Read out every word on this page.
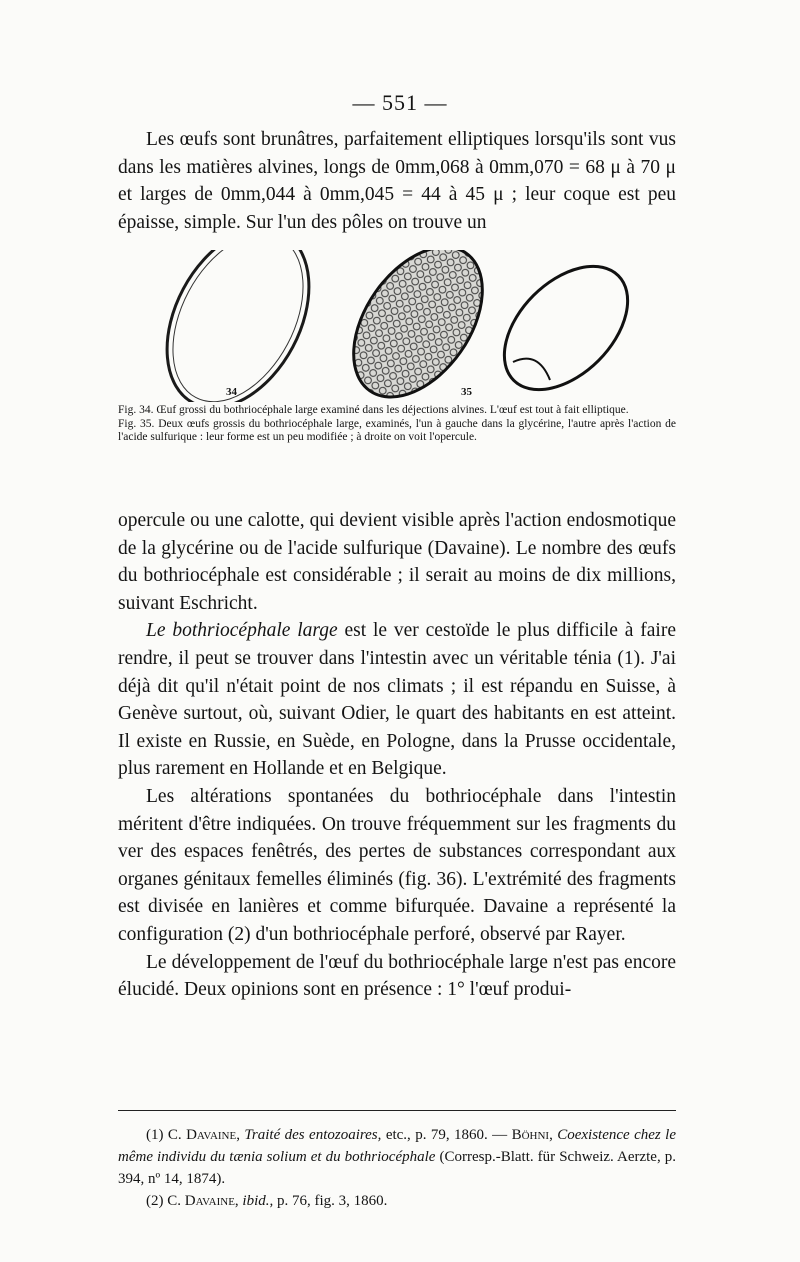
— 551 —

Les œufs sont brunâtres, parfaitement elliptiques lorsqu'ils sont vus dans les matières alvines, longs de 0mm,068 à 0mm,070 = 68 μ à 70 μ et larges de 0mm,044 à 0mm,045 = 44 à 45 μ ; leur coque est peu épaisse, simple. Sur l'un des pôles on trouve un

34	35

Fig. 34. Œuf grossi du bothriocéphale large examiné dans les déjections alvines. L'œuf est tout à fait elliptique.

Fig. 35. Deux œufs grossis du bothriocéphale large, examinés, l'un à gauche dans la glycérine, l'autre après l'action de l'acide sulfurique : leur forme est un peu modifiée ; à droite on voit l'opercule.

opercule ou une calotte, qui devient visible après l'action endosmotique de la glycérine ou de l'acide sulfurique (Davaine). Le nombre des œufs du bothriocéphale est considérable ; il serait au moins de dix millions, suivant Eschricht.

Le bothriocéphale large est le ver cestoïde le plus difficile à faire rendre, il peut se trouver dans l'intestin avec un véritable ténia (1). J'ai déjà dit qu'il n'était point de nos climats ; il est répandu en Suisse, à Genève surtout, où, suivant Odier, le quart des habitants en est atteint. Il existe en Russie, en Suède, en Pologne, dans la Prusse occidentale, plus rarement en Hollande et en Belgique.

Les altérations spontanées du bothriocéphale dans l'intestin méritent d'être indiquées. On trouve fréquemment sur les fragments du ver des espaces fenêtrés, des pertes de substances correspondant aux organes génitaux femelles éliminés (fig. 36). L'extrémité des fragments est divisée en lanières et comme bifurquée. Davaine a représenté la configuration (2) d'un bothriocéphale perforé, observé par Rayer.

Le développement de l'œuf du bothriocéphale large n'est pas encore élucidé. Deux opinions sont en présence : 1° l'œuf produi-

(1) C. Davaine, Traité des entozoaires, etc., p. 79, 1860. — Böhni, Coexistence chez le même individu du tænia solium et du bothriocéphale (Corresp.-Blatt. für Schweiz. Aerzte, p. 394, nº 14, 1874).

(2) C. Davaine, ibid., p. 76, fig. 3, 1860.
